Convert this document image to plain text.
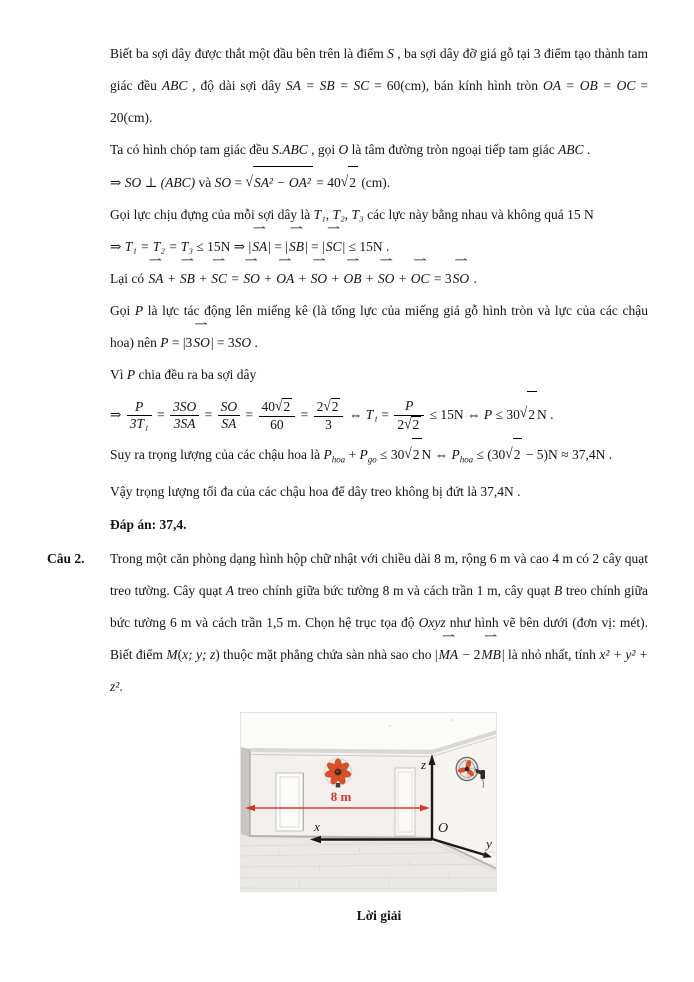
Biết ba sợi dây được thắt một đầu bên trên là điểm S , ba sợi dây đỡ giá gỗ tại 3 điểm tạo thành tam giác đều ABC , độ dài sợi dây SA = SB = SC = 60(cm), bán kính hình tròn OA = OB = OC = 20(cm).

Ta có hình chóp tam giác đều S.ABC , gọi O là tâm đường tròn ngoại tiếp tam giác ABC .

⇒ SO ⊥ (ABC) và SO = √SA² − OA² = 40√2 (cm).

Gọi lực chịu đựng của mỗi sợi dây là T₁, T₂, T₃ các lực này bằng nhau và không quá 15 N

⇒ T₁ = T₂ = T₃ ≤ 15N ⇒ |
⇀
SA| = |
⇀
SB| = |
⇀
SC| ≤ 15N .

Lại có
⇀
SA +
⇀
SB +
⇀
SC =
⇀
SO +
⇀
OA +
⇀
SO +
⇀
OB +
⇀
SO +
⇀
OC = 3
⇀
SO .

Gọi P là lực tác động lên miếng kê (là tổng lực của miếng giá gỗ hình tròn và lực của các chậu hoa) nên P = |3
⇀
SO| = 3SO .

Vì P chia đều ra ba sợi dây

⇒ $\frac{P}{\text{3T₁}} = \frac{3SO}{3SA} = \frac{SO}{SA} = \frac{40√2}{60} = \frac{2√2}{3}$ ⇔ $T_1 = \frac{P}{2√2} \le 15N$ ⇔ P ≤ 30√2 N .

Suy ra trọng lượng của các chậu hoa là $P_{hoa} + P_{go} \le 30√2$ N ⇔ $P_{hoa} \le (30√2 - 5)N \approx 37,4N$ .

Vậy trọng lượng tối đa của các chậu hoa để dây treo không bị đứt là 37,4N .

Đáp án: 37,4.

Câu 2. Trong một căn phòng dạng hình hộp chữ nhật với chiều dài 8 m, rộng 6 m và cao 4 m có 2 cây quạt treo tường. Cây quạt A treo chính giữa bức tường 8 m và cách trần 1 m, cây quạt B treo chính giữa bức tường 6 m và cách trần 1,5 m. Chọn hệ trục tọa độ Oxyz như hình vẽ bên dưới (đơn vị: mét). Biết điểm M(x; y; z) thuộc mặt phẳng chứa sàn nhà sao cho |
⇀
MA − 2
⇀
MB| là nhỏ nhất, tính x² + y² + z².
8 m
x
z
O
y

Lời giải
